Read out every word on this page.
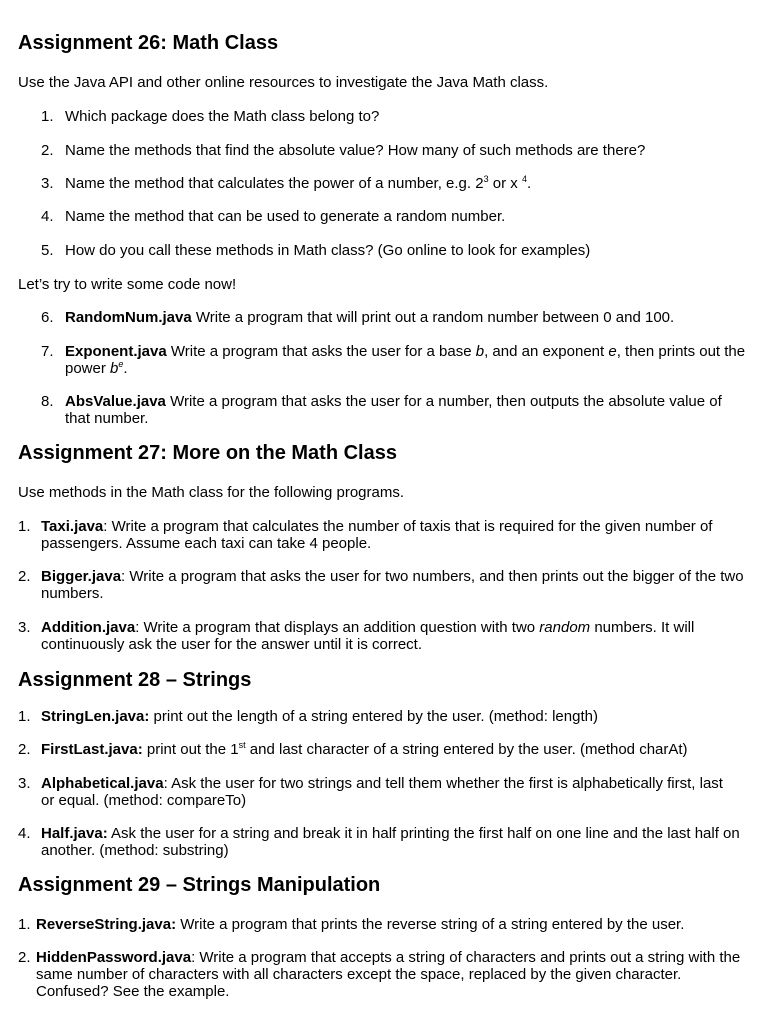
Assignment 26: Math Class

Use the Java API and other online resources to investigate the Java Math class.

1. Which package does the Math class belong to?
2. Name the methods that find the absolute value? How many of such methods are there?
3. Name the method that calculates the power of a number, e.g. $2^3$ or x $^4$.
4. Name the method that can be used to generate a random number.
5. How do you call these methods in Math class? (Go online to look for examples)

Let’s try to write some code now!

6. RandomNum.java Write a program that will print out a random number between 0 and 100.
7. Exponent.java Write a program that asks the user for a base b, and an exponent e, then prints out the power $b^e$.
8. AbsValue.java Write a program that asks the user for a number, then outputs the absolute value of that number.
Assignment 27: More on the Math Class

Use methods in the Math class for the following programs.

1. Taxi.java: Write a program that calculates the number of taxis that is required for the given number of passengers. Assume each taxi can take 4 people.
2. Bigger.java: Write a program that asks the user for two numbers, and then prints out the bigger of the two numbers.
3. Addition.java: Write a program that displays an addition question with two random numbers. It will continuously ask the user for the answer until it is correct.
Assignment 28 – Strings
1. StringLen.java: print out the length of a string entered by the user. (method: length)
2. FirstLast.java: print out the 1st and last character of a string entered by the user. (method charAt)
3. Alphabetical.java: Ask the user for two strings and tell them whether the first is alphabetically first, last or equal. (method: compareTo)
4. Half.java: Ask the user for a string and break it in half printing the first half on one line and the last half on another. (method: substring)
Assignment 29 – Strings Manipulation
1. ReverseString.java: Write a program that prints the reverse string of a string entered by the user.
2. HiddenPassword.java: Write a program that accepts a string of characters and prints out a string with the same number of characters with all characters except the space, replaced by the given character. Confused? See the example.
